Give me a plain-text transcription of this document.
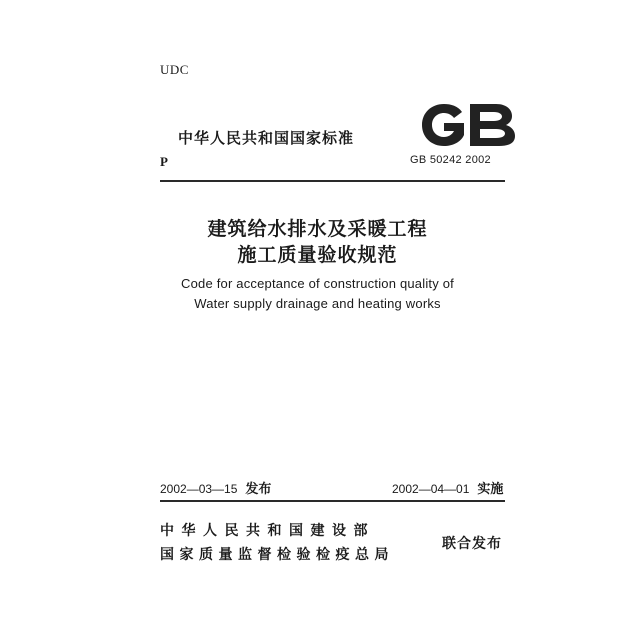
UDC
中华人民共和国国家标准
P	GB 50242 2002
建筑给水排水及采暖工程
施工质量验收规范
Code for acceptance of construction quality of
Water supply drainage and heating works
2002—03—15 发布	2002—04—01 实施
中华人民共和国建设部
国家质量监督检验检疫总局
联合发布
